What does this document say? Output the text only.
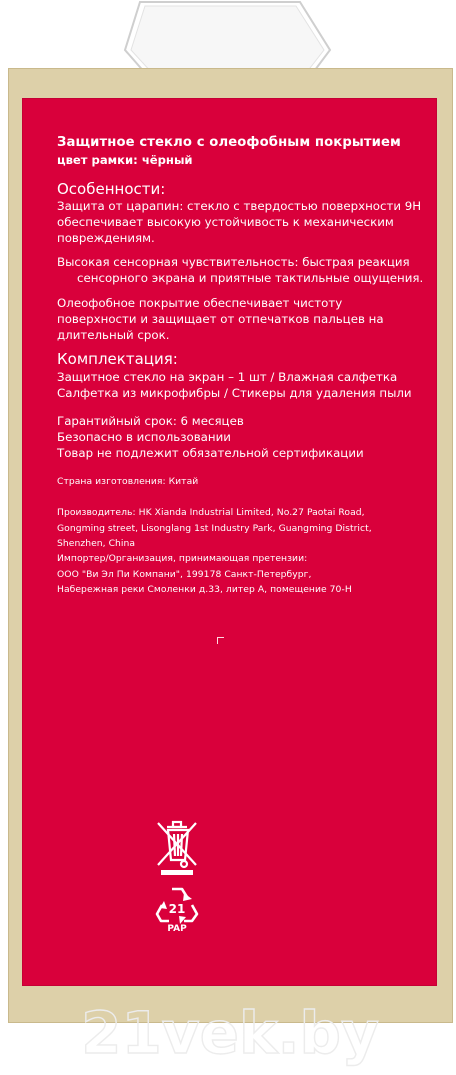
Защитное стекло с олеофобным покрытием
цвет рамки: чёрный
Особенности:
Защита от царапин: стекло с твердостью поверхности 9H
обеспечивает высокую устойчивость к механическим
повреждениям.
Высокая сенсорная чувствительность: быстрая реакция
сенсорного экрана и приятные тактильные ощущения.
Олеофобное покрытие обеспечивает чистоту
поверхности и защищает от отпечатков пальцев на
длительный срок.
Комплектация:
Защитное стекло на экран – 1 шт / Влажная салфетка
Салфетка из микрофибры / Стикеры для удаления пыли
Гарантийный срок: 6 месяцев
Безопасно в использовании
Товар не подлежит обязательной сертификации
Страна изготовления: Китай
Производитель: HK Xianda Industrial Limited, No.27 Paotai Road,
Gongming street, Lisonglang 1st Industry Park, Guangming District,
Shenzhen, China
Импортер/Организация, принимающая претензии:
ООО "Ви Эл Пи Компани", 199178 Санкт-Петербург,
Набережная реки Смоленки д.33, литер А, помещение 70-Н
21
PAP
21vek.by
